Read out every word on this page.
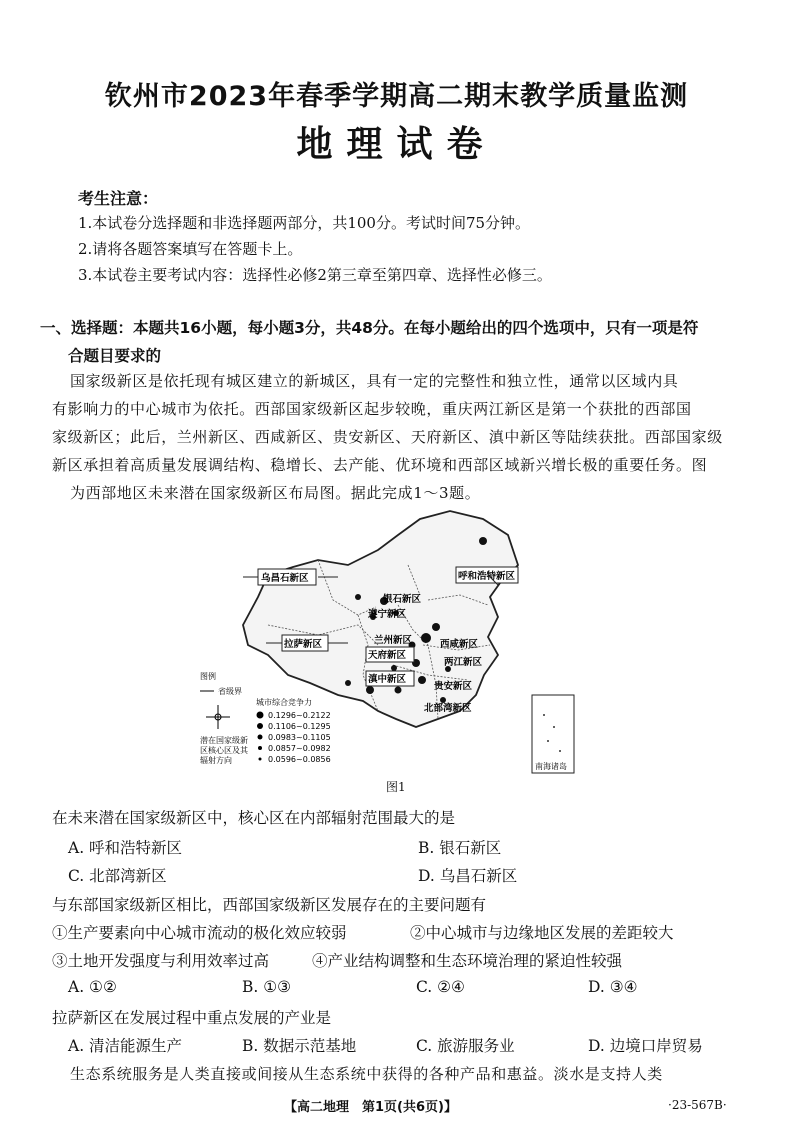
钦州市2023年春季学期高二期末教学质量监测
地理试卷
考生注意：
1.本试卷分选择题和非选择题两部分，共100分。考试时间75分钟。
2.请将各题答案填写在答题卡上。
3.本试卷主要考试内容：选择性必修2第三章至第四章、选择性必修三。
一、选择题：本题共16小题，每小题3分，共48分。在每小题给出的四个选项中，只有一项是符
合题目要求的
国家级新区是依托现有城区建立的新城区，具有一定的完整性和独立性，通常以区域内具
有影响力的中心城市为依托。西部国家级新区起步较晚，重庆两江新区是第一个获批的西部国
家级新区；此后，兰州新区、西咸新区、贵安新区、天府新区、滇中新区等陆续获批。西部国家级
新区承担着高质量发展调结构、稳增长、去产能、优环境和西部区域新兴增长极的重要任务。图
为西部地区未来潜在国家级新区布局图。据此完成1～3题。
乌昌石新区
银石新区
呼和浩特新区
遵宁新区
拉萨新区	兰州新区	西咸新区
天府新区
两江新区
滇中新区
贵安新区
北部湾新区
图例
省级界
潜在国家级新
区核心区及其
辐射方向
城市综合竞争力
0.1296~0.2122
0.1106~0.1295
0.0983~0.1105
0.0857~0.0982
0.0596~0.0856
南海诸岛
图1
在未来潜在国家级新区中，核心区在内部辐射范围最大的是
A. 呼和浩特新区	B. 银石新区
C. 北部湾新区	D. 乌昌石新区
与东部国家级新区相比，西部国家级新区发展存在的主要问题有
①生产要素向中心城市流动的极化效应较弱	②中心城市与边缘地区发展的差距较大
③土地开发强度与利用效率过高	④产业结构调整和生态环境治理的紧迫性较强
A. ①②	B. ①③	C. ②④	D. ③④
拉萨新区在发展过程中重点发展的产业是
A. 清洁能源生产	B. 数据示范基地	C. 旅游服务业	D. 边境口岸贸易
生态系统服务是人类直接或间接从生态系统中获得的各种产品和惠益。淡水是支持人类
【高二地理　第1页(共6页)】	·23-567B·
